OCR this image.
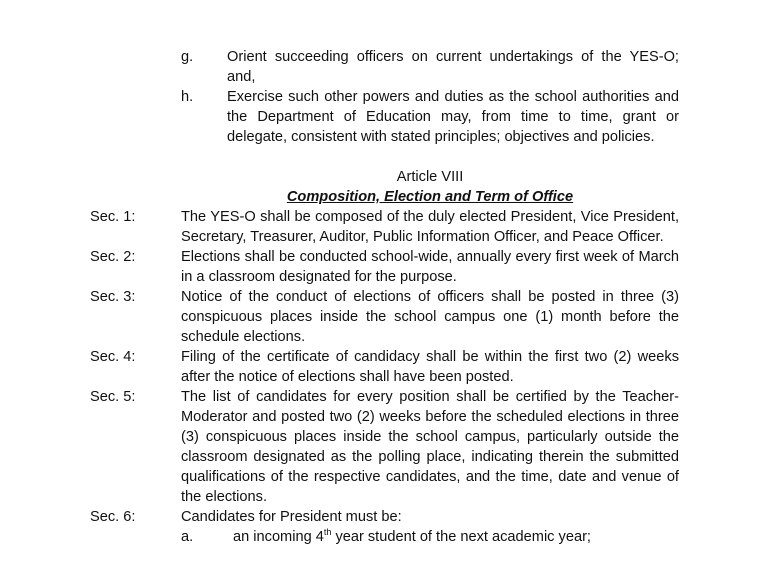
g. Orient succeeding officers on current undertakings of the YES-O; and,
h. Exercise such other powers and duties as the school authorities and the Department of Education may, from time to time, grant or delegate, consistent with stated principles; objectives and policies.
Article VIII
Composition, Election and Term of Office
Sec. 1:	The YES-O shall be composed of the duly elected President, Vice President, Secretary, Treasurer, Auditor, Public Information Officer, and Peace Officer.
Sec. 2:	Elections shall be conducted school-wide, annually every first week of March in a classroom designated for the purpose.
Sec. 3:	Notice of the conduct of elections of officers shall be posted in three (3) conspicuous places inside the school campus one (1) month before the schedule elections.
Sec. 4:	Filing of the certificate of candidacy shall be within the first two (2) weeks after the notice of elections shall have been posted.
Sec. 5:	The list of candidates for every position shall be certified by the Teacher-Moderator and posted two (2) weeks before the scheduled elections in three (3) conspicuous places inside the school campus, particularly outside the classroom designated as the polling place, indicating therein the submitted qualifications of the respective candidates, and the time, date and venue of the elections.
Sec. 6:	Candidates for President must be:
a.	an incoming 4th year student of the next academic year;
